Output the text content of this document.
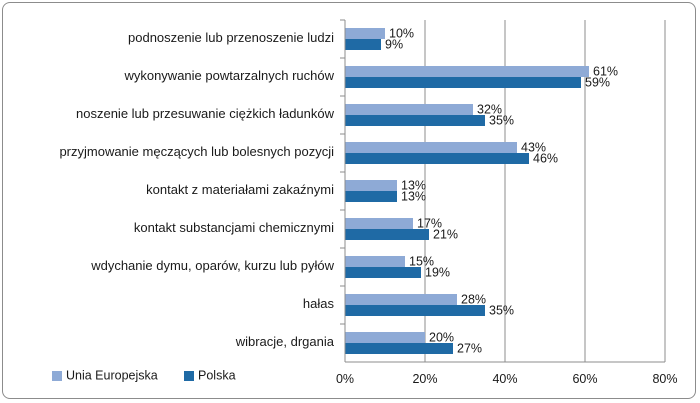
podnoszenie lub przenoszenie ludzi
wykonywanie powtarzalnych ruchów
noszenie lub przesuwanie ciężkich ładunków
przyjmowanie męczących lub bolesnych pozycji
kontakt z materiałami zakaźnymi
kontakt substancjami chemicznymi
wdychanie dymu, oparów, kurzu lub pyłów
hałas
wibracje, drgania
10%
9%
61%
59%
32%
35%
43%
46%
13%
13%
17%
21%
15%
19%
28%
35%
20%
27%
0%	20%	40%	60%	80%
Unia Europejska	Polska
